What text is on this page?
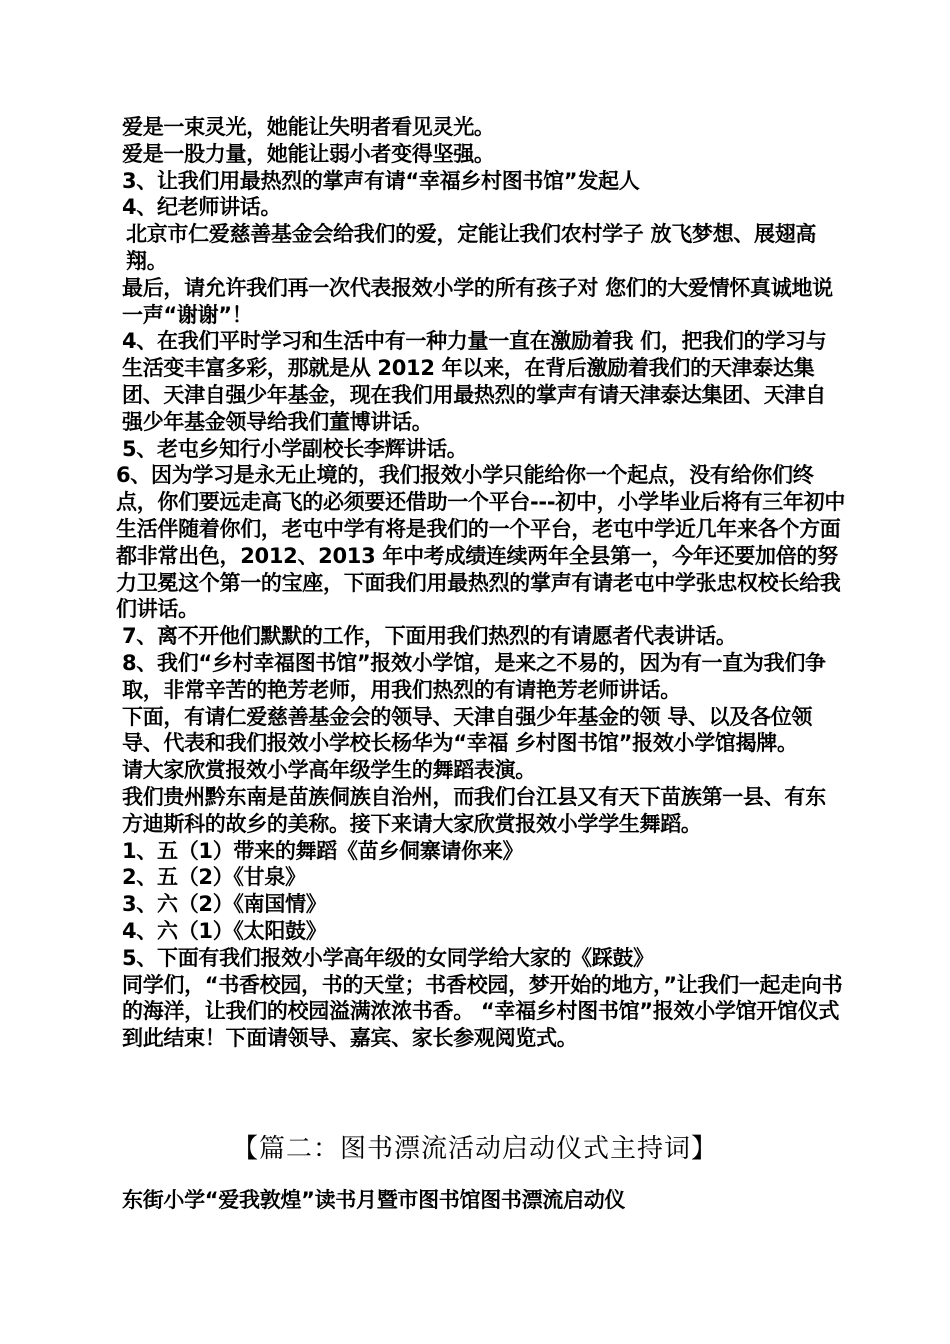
爱是一束灵光，她能让失明者看见灵光。

爱是一股力量，她能让弱小者变得坚强。

3、让我们用最热烈的掌声有请“幸福乡村图书馆”发起人

4、纪老师讲话。

北京市仁爱慈善基金会给我们的爱，定能让我们农村学子 放飞梦想、展翅高翔。

最后，请允许我们再一次代表报效小学的所有孩子对 您们的大爱情怀真诚地说一声“谢谢”！

4、在我们平时学习和生活中有一种力量一直在激励着我 们，把我们的学习与生活变丰富多彩，那就是从 2012 年以来，在背后激励着我们的天津泰达集团、天津自强少年基金，现在我们用最热烈的掌声有请天津泰达集团、天津自强少年基金领导给我们董博讲话。

5、老屯乡知行小学副校长李辉讲话。

6、因为学习是永无止境的，我们报效小学只能给你一个起点，没有给你们终点，你们要远走高飞的必须要还借助一个平台---初中，小学毕业后将有三年初中生活伴随着你们，老屯中学有将是我们的一个平台，老屯中学近几年来各个方面都非常出色，2012、2013 年中考成绩连续两年全县第一，今年还要加倍的努力卫冕这个第一的宝座，下面我们用最热烈的掌声有请老屯中学张忠权校长给我们讲话。

7、离不开他们默默的工作，下面用我们热烈的有请愿者代表讲话。

8、我们“乡村幸福图书馆”报效小学馆，是来之不易的，因为有一直为我们争取，非常辛苦的艳芳老师，用我们热烈的有请艳芳老师讲话。

下面，有请仁爱慈善基金会的领导、天津自强少年基金的领 导、以及各位领导、代表和我们报效小学校长杨华为“幸福 乡村图书馆”报效小学馆揭牌。

请大家欣赏报效小学高年级学生的舞蹈表演。

我们贵州黔东南是苗族侗族自治州，而我们台江县又有天下苗族第一县、有东方迪斯科的故乡的美称。接下来请大家欣赏报效小学学生舞蹈。

1、五（1）带来的舞蹈《苗乡侗寨请你来》

2、五（2）《甘泉》

3、六（2）《南国情》

4、六（1）《太阳鼓》

5、下面有我们报效小学高年级的女同学给大家的《踩鼓》

同学们，“书香校园，书的天堂；书香校园，梦开始的地方，”让我们一起走向书的海洋，让我们的校园溢满浓浓书香。 “幸福乡村图书馆”报效小学馆开馆仪式到此结束！下面请领导、嘉宾、家长参观阅览式。

【篇二：图书漂流活动启动仪式主持词】
东街小学“爱我敦煌”读书月暨市图书馆图书漂流启动仪
